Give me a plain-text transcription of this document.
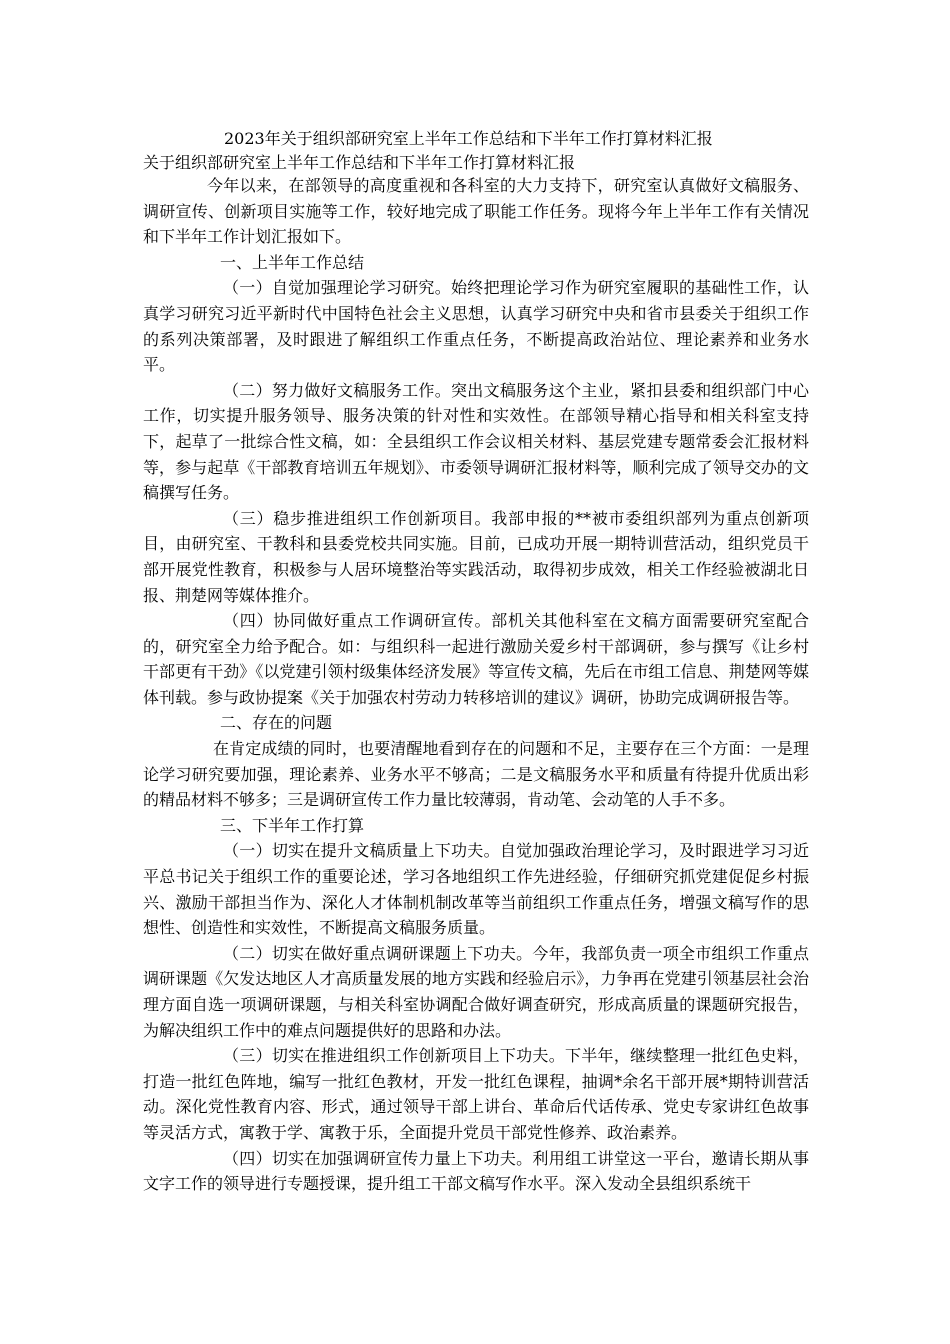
2023年关于组织部研究室上半年工作总结和下半年工作打算材料汇报
关于组织部研究室上半年工作总结和下半年工作打算材料汇报

今年以来，在部领导的高度重视和各科室的大力支持下，研究室认真做好文稿服务、调研宣传、创新项目实施等工作，较好地完成了职能工作任务。现将今年上半年工作有关情况和下半年工作计划汇报如下。

一、上半年工作总结

（一）自觉加强理论学习研究。始终把理论学习作为研究室履职的基础性工作，认真学习研究习近平新时代中国特色社会主义思想，认真学习研究中央和省市县委关于组织工作的系列决策部署，及时跟进了解组织工作重点任务，不断提高政治站位、理论素养和业务水平。

（二）努力做好文稿服务工作。突出文稿服务这个主业，紧扣县委和组织部门中心工作，切实提升服务领导、服务决策的针对性和实效性。在部领导精心指导和相关科室支持下，起草了一批综合性文稿，如：全县组织工作会议相关材料、基层党建专题常委会汇报材料等，参与起草《干部教育培训五年规划》、市委领导调研汇报材料等，顺利完成了领导交办的文稿撰写任务。

（三）稳步推进组织工作创新项目。我部申报的**被市委组织部列为重点创新项目，由研究室、干教科和县委党校共同实施。目前，已成功开展一期特训营活动，组织党员干部开展党性教育，积极参与人居环境整治等实践活动，取得初步成效，相关工作经验被湖北日报、荆楚网等媒体推介。

（四）协同做好重点工作调研宣传。部机关其他科室在文稿方面需要研究室配合的，研究室全力给予配合。如：与组织科一起进行激励关爱乡村干部调研，参与撰写《让乡村干部更有干劲》《以党建引领村级集体经济发展》等宣传文稿，先后在市组工信息、荆楚网等媒体刊载。参与政协提案《关于加强农村劳动力转移培训的建议》调研，协助完成调研报告等。

二、存在的问题

在肯定成绩的同时，也要清醒地看到存在的问题和不足，主要存在三个方面：一是理论学习研究要加强，理论素养、业务水平不够高；二是文稿服务水平和质量有待提升优质出彩的精品材料不够多；三是调研宣传工作力量比较薄弱，肯动笔、会动笔的人手不多。

三、下半年工作打算

（一）切实在提升文稿质量上下功夫。自觉加强政治理论学习，及时跟进学习习近平总书记关于组织工作的重要论述，学习各地组织工作先进经验，仔细研究抓党建促促乡村振兴、激励干部担当作为、深化人才体制机制改革等当前组织工作重点任务，增强文稿写作的思想性、创造性和实效性，不断提高文稿服务质量。

（二）切实在做好重点调研课题上下功夫。今年，我部负责一项全市组织工作重点调研课题《欠发达地区人才高质量发展的地方实践和经验启示》，力争再在党建引领基层社会治理方面自选一项调研课题，与相关科室协调配合做好调查研究，形成高质量的课题研究报告，为解决组织工作中的难点问题提供好的思路和办法。

（三）切实在推进组织工作创新项目上下功夫。下半年，继续整理一批红色史料，打造一批红色阵地，编写一批红色教材，开发一批红色课程，抽调*余名干部开展*期特训营活动。深化党性教育内容、形式，通过领导干部上讲台、革命后代话传承、党史专家讲红色故事等灵活方式，寓教于学、寓教于乐，全面提升党员干部党性修养、政治素养。

（四）切实在加强调研宣传力量上下功夫。利用组工讲堂这一平台，邀请长期从事文字工作的领导进行专题授课，提升组工干部文稿写作水平。深入发动全县组织系统干
